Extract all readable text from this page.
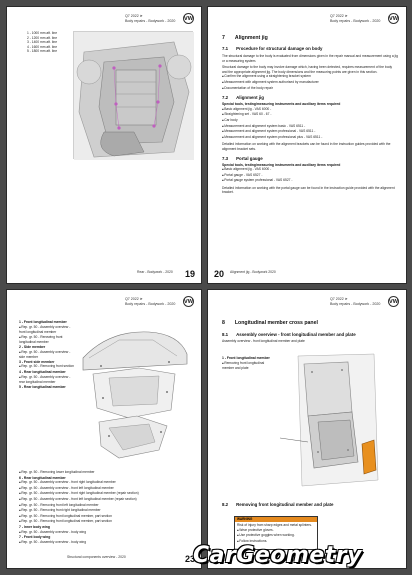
Q7 2022 ➤
Body repairs - Bodywork - 2020 VW
1 - 1000 mm aft. line
2 - 1200 mm aft. line
3 - 1400 mm aft. line
4 - 1600 mm aft. line
5 - 1800 mm aft. line
Rear - Bodywork - 2020 19
Q7 2022 ➤
Body repairs - Bodywork - 2020 VW
7 Alignment jig
7.1 Procedure for structural damage on body
The structural damage to the body is evaluated from dimensions given in the repair manual and measurement using a jig or a measuring system.
Structural damage to the body may involve damage which, having been detected, requires measurement of the body and the appropriate alignment jig. The body dimensions and the measuring points are given in this section.
■ Confirm the alignment using a straightening bracket system
■ Measurement with alignment system authorised by manufacturer
■ Documentation of the body repair
7.2 Alignment jig
Special tools, testing/measuring instruments and auxiliary items required
■ Basic alignment jig - VAS 6000 -
■ Straightening set - VAS 60 - 67 -
■ Car body
■ Measurement and alignment system basic - VAS 6511 -
■ Measurement and alignment system professional - VAS 6511 -
■ Measurement and alignment system professional plus - VAS 6511 -
Detailed information on working with the alignment brackets can be found in the instruction guides provided with the alignment bracket sets.
7.3 Portal gauge
Special tools, testing/measuring instruments and auxiliary items required
■ Basic alignment jig - VAS 6000 -
■ Portal gauge - VAS 6527 -
■ Portal gauge system professional - VAS 6527 -
Detailed information on working with the portal gauge can be found in the instruction guide provided with the alignment bracket.
20 Alignment jig - Bodywork 2020
Q7 2022 ➤
Body repairs - Bodywork - 2020 VW
1 - Front longitudinal member
■ Rep. gr. 50 - Assembly overview - front longitudinal member
■ Rep. gr. 50 - Renewing front longitudinal member
2 - Side member
■ Rep. gr. 50 - Assembly overview - side member
3 - Front side member
■ Rep. gr. 50 - Removing front section
4 - Rear longitudinal member
■ Rep. gr. 50 - Assembly overview - rear longitudinal member
5 - Rear longitudinal member
■ Rep. gr. 50 - Removing lower longitudinal member
6 - Rear longitudinal member
■ Rep. gr. 50 - Assembly overview - front right longitudinal member
■ Rep. gr. 50 - Assembly overview - front left longitudinal member
■ Rep. gr. 50 - Assembly overview - front right longitudinal member (repair section)
■ Rep. gr. 50 - Assembly overview - front left longitudinal member (repair section)
■ Rep. gr. 50 - Removing front left longitudinal member
■ Rep. gr. 50 - Removing front right longitudinal member
■ Rep. gr. 50 - Removing front longitudinal member, part section
■ Rep. gr. 50 - Removing front longitudinal member, part section
7 - Inner body wing
■ Rep. gr. 50 - Assembly overview - body wing
7 - Front body wing
■ Rep. gr. 50 - Assembly overview - body wing
Structural components overview - 2020	23
Q7 2022 ➤
Body repairs - Bodywork - 2020 VW
8 Longitudinal member cross panel
8.1 Assembly overview - front longitudinal member and plate
Assembly overview - front longitudinal member and plate
1 - Front longitudinal member
■ Removing front longitudinal member and plate
8.2 Removing front longitudinal member and plate
WARNING
Risk of injury from sharp edges and metal splinters.
■ Wear protective gloves.
■ Use protective goggles when working.
■ Follow instructions.
CarGeometry
